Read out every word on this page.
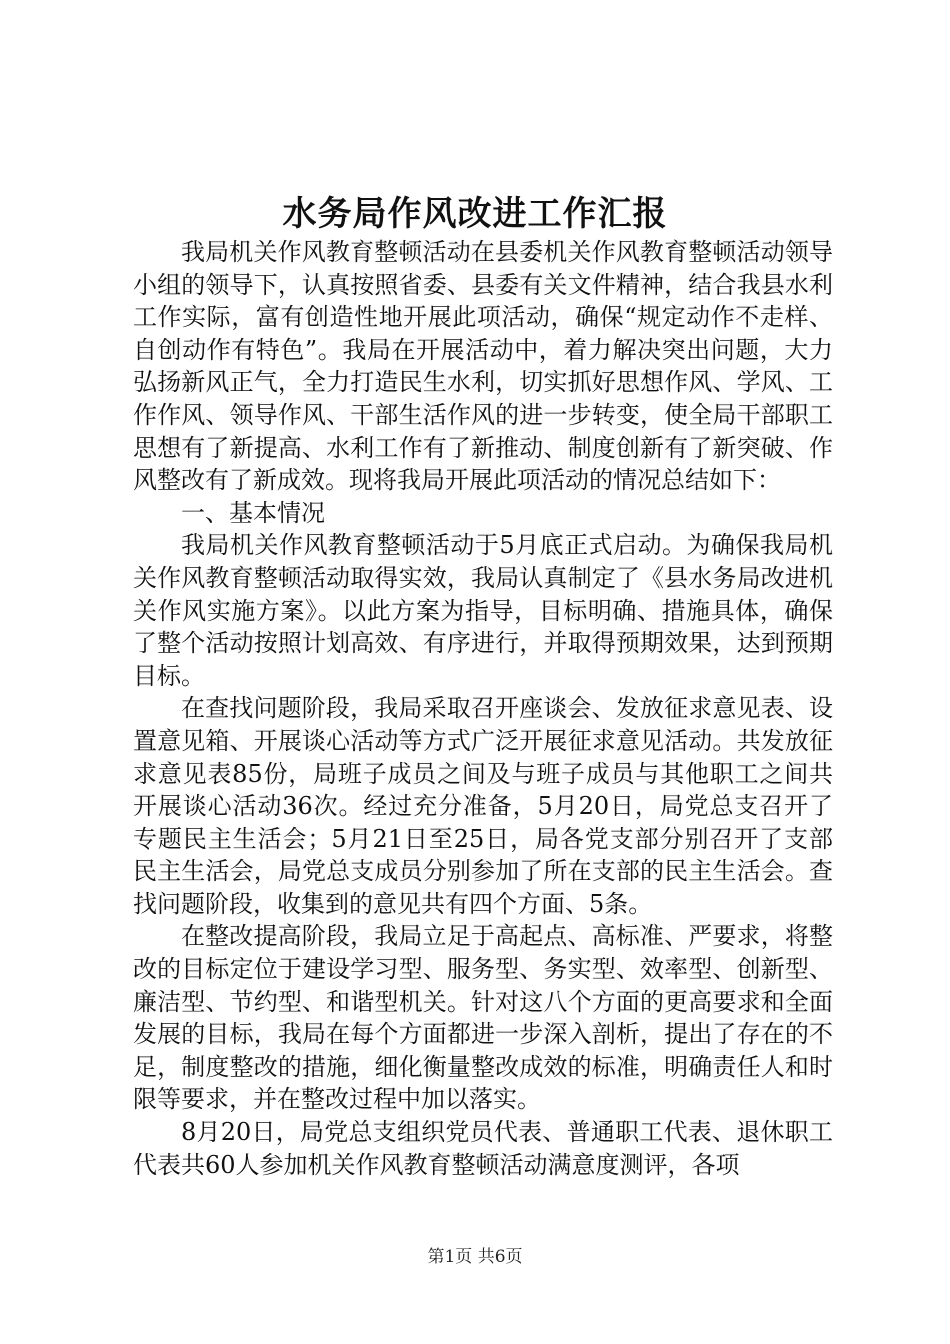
水务局作风改进工作汇报

我局机关作风教育整顿活动在县委机关作风教育整顿活动领导小组的领导下，认真按照省委、县委有关文件精神，结合我县水利工作实际，富有创造性地开展此项活动，确保“规定动作不走样、自创动作有特色”。我局在开展活动中，着力解决突出问题，大力弘扬新风正气，全力打造民生水利，切实抓好思想作风、学风、工作作风、领导作风、干部生活作风的进一步转变，使全局干部职工思想有了新提高、水利工作有了新推动、制度创新有了新突破、作风整改有了新成效。现将我局开展此项活动的情况总结如下：

一、基本情况

我局机关作风教育整顿活动于5月底正式启动。为确保我局机关作风教育整顿活动取得实效，我局认真制定了《县水务局改进机关作风实施方案》。以此方案为指导，目标明确、措施具体，确保了整个活动按照计划高效、有序进行，并取得预期效果，达到预期目标。

在查找问题阶段，我局采取召开座谈会、发放征求意见表、设置意见箱、开展谈心活动等方式广泛开展征求意见活动。共发放征求意见表85份，局班子成员之间及与班子成员与其他职工之间共开展谈心活动36次。经过充分准备，5月20日，局党总支召开了专题民主生活会；5月21日至25日，局各党支部分别召开了支部民主生活会，局党总支成员分别参加了所在支部的民主生活会。查找问题阶段，收集到的意见共有四个方面、5条。

在整改提高阶段，我局立足于高起点、高标准、严要求，将整改的目标定位于建设学习型、服务型、务实型、效率型、创新型、廉洁型、节约型、和谐型机关。针对这八个方面的更高要求和全面发展的目标，我局在每个方面都进一步深入剖析，提出了存在的不足，制度整改的措施，细化衡量整改成效的标准，明确责任人和时限等要求，并在整改过程中加以落实。

8月20日，局党总支组织党员代表、普通职工代表、退休职工代表共60人参加机关作风教育整顿活动满意度测评，各项

第1页 共6页
